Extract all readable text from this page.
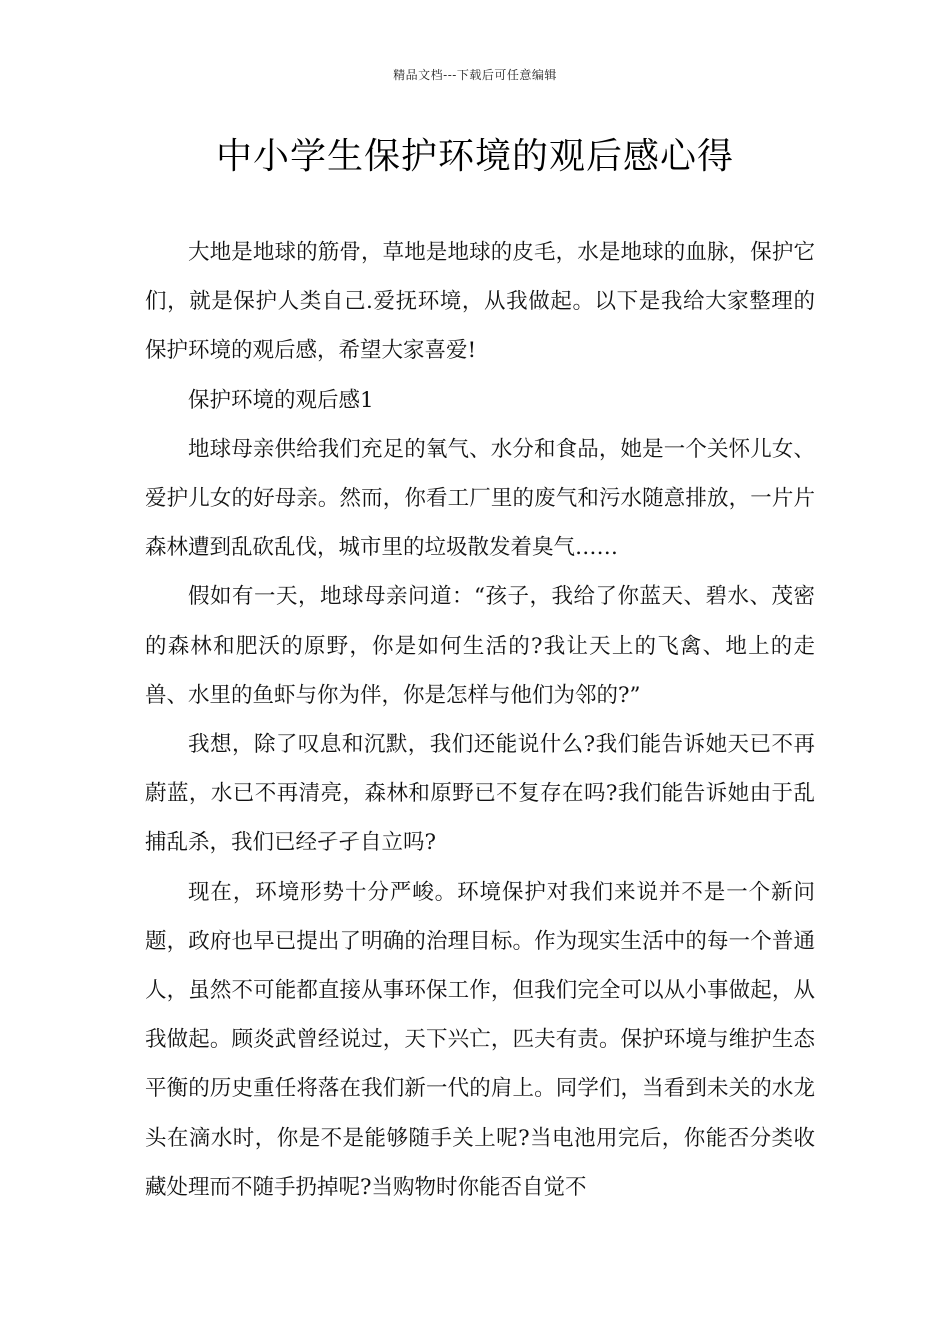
精品文档---下载后可任意编辑
中小学生保护环境的观后感心得

大地是地球的筋骨，草地是地球的皮毛，水是地球的血脉，保护它们，就是保护人类自己.爱抚环境，从我做起。以下是我给大家整理的保护环境的观后感，希望大家喜爱!

保护环境的观后感1

地球母亲供给我们充足的氧气、水分和食品，她是一个关怀儿女、爱护儿女的好母亲。然而，你看工厂里的废气和污水随意排放，一片片森林遭到乱砍乱伐，城市里的垃圾散发着臭气……

假如有一天，地球母亲问道：“孩子，我给了你蓝天、碧水、茂密的森林和肥沃的原野，你是如何生活的?我让天上的飞禽、地上的走兽、水里的鱼虾与你为伴，你是怎样与他们为邻的?”

我想，除了叹息和沉默，我们还能说什么?我们能告诉她天已不再蔚蓝，水已不再清亮，森林和原野已不复存在吗?我们能告诉她由于乱捕乱杀，我们已经孑孑自立吗?

现在，环境形势十分严峻。环境保护对我们来说并不是一个新问题，政府也早已提出了明确的治理目标。作为现实生活中的每一个普通人，虽然不可能都直接从事环保工作，但我们完全可以从小事做起，从我做起。顾炎武曾经说过，天下兴亡，匹夫有责。保护环境与维护生态平衡的历史重任将落在我们新一代的肩上。同学们，当看到未关的水龙头在滴水时，你是不是能够随手关上呢?当电池用完后，你能否分类收藏处理而不随手扔掉呢?当购物时你能否自觉不
